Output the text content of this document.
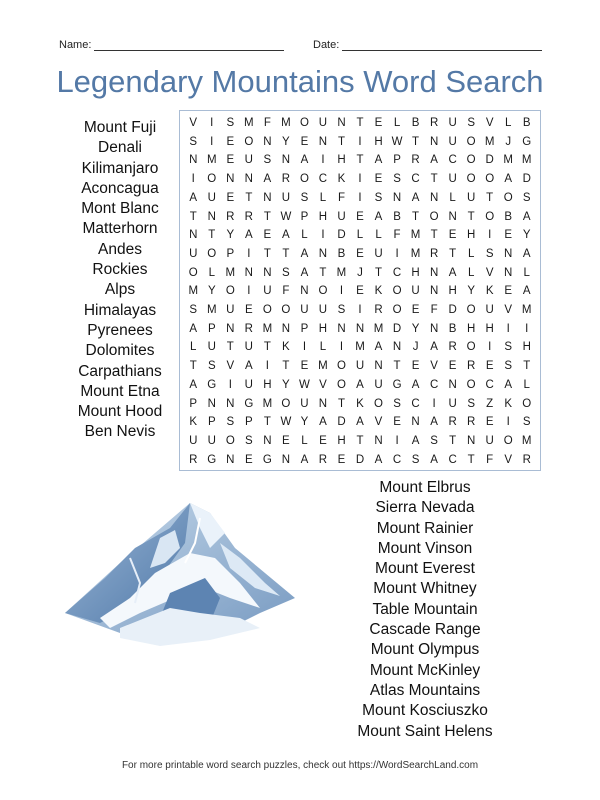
Name:	Date:
Legendary Mountains Word Search
V	I	S M F M O U N T E	L B R U S V	L B
S	I	E O N Y E N T	I	H W T N U O M J G
N M E U S N A	I	H T A P R A C O D M M
I	O N N A R O C K	I	E S C T U O O A D
A U E T N U S L	F	I	S N A N L U T O S
T N R R T W P H U E A B T O N T O B A
N T Y A E A L	I	D L	L	F M T E H	I	E Y
U O P	I	T	T A N B E U	I	M R T	L S N A
O L M N N S A T M J	T C H N A L V N L
M Y O	I	U F N O	I	E K O U N H Y K E A
S M U E O O U U S	I	R O E F D O U V M
A P N R M N P H N N M D Y N B H H	I	I
L U T U T K	I	L	I	M A N J	A R O	I	S H
T S V A	I	T E M O U N T E V E R E S T
A G	I	U H Y W V O A U G A C N O C A L
P N N G M O U N T K O S C	I	U S Z K O
K P S P T W Y A D A V E N A R R E	I	S
U U O S N E L E H T N	I	A S T N U O M
R G N E G N A R E D A C S A C T	F V R
Mount Fuji
Denali
Kilimanjaro
Aconcagua
Mont Blanc
Matterhorn
Andes
Rockies
Alps
Himalayas
Pyrenees
Dolomites
Carpathians
Mount Etna
Mount Hood
Ben Nevis
Mount Elbrus
Sierra Nevada
Mount Rainier
Mount Vinson
Mount Everest
Mount Whitney
Table Mountain
Cascade Range
Mount Olympus
Mount McKinley
Atlas Mountains
Mount Kosciuszko
Mount Saint Helens
For more printable word search puzzles, check out https://WordSearchLand.com
